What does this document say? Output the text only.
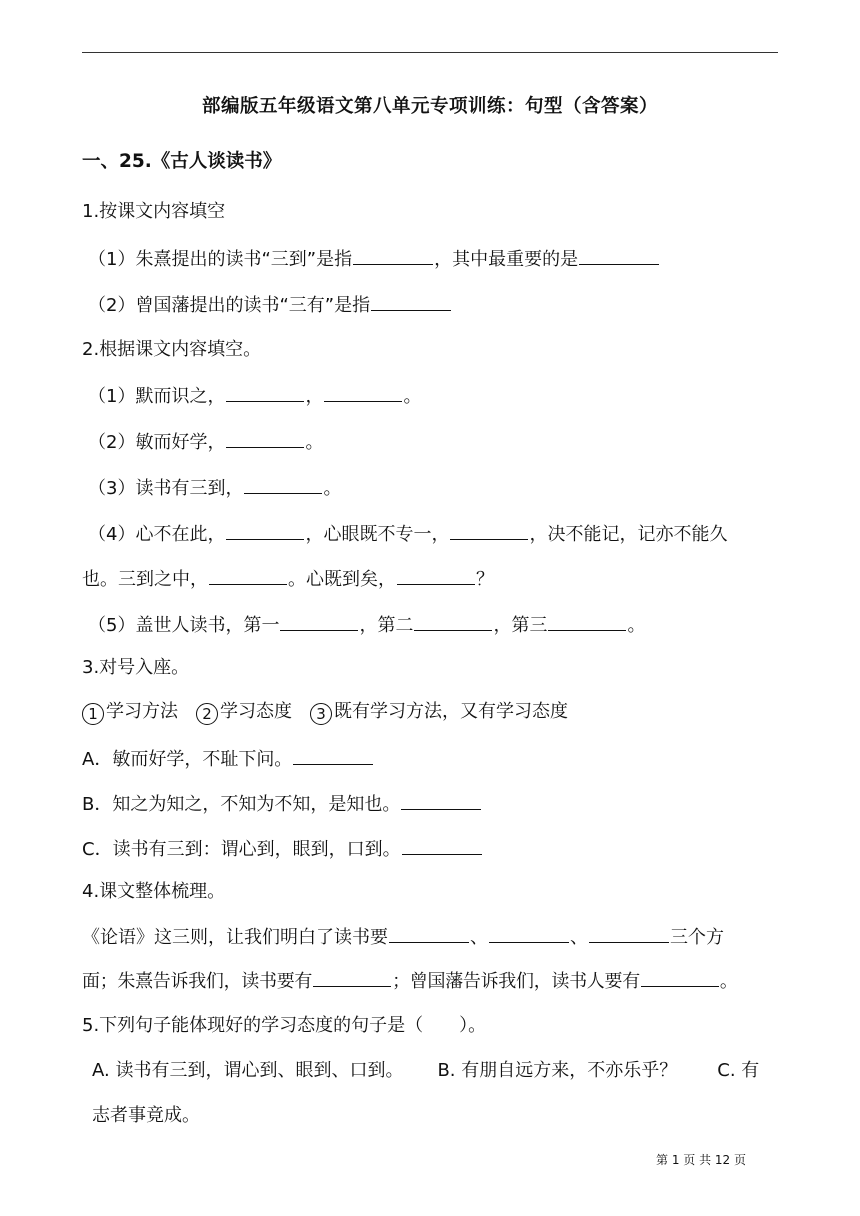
部编版五年级语文第八单元专项训练：句型（含答案）
一、25.《古人谈读书》
1.按课文内容填空
（1）朱熹提出的读书“三到”是指	，其中最重要的是
（2）曾国藩提出的读书“三有”是指
2.根据课文内容填空。
（1）默而识之，	，	。
（2）敏而好学，	。
（3）读书有三到，	。
（4）心不在此，	，心眼既不专一，	，决不能记，记亦不能久
也。三到之中，	。心既到矣，	？
（5）盖世人读书，第一	，第二	，第三	。
3.对号入座。
1 学习方法 2 学习态度 3 既有学习方法，又有学习态度
A．敏而好学，不耻下问。
B．知之为知之，不知为不知，是知也。
C．读书有三到：谓心到，眼到，口到。
4.课文整体梳理。
《论语》这三则，让我们明白了读书要	、	、	三个方
面；朱熹告诉我们，读书要有	；曾国藩告诉我们，读书人要有	。
5.下列句子能体现好的学习态度的句子是（　　）。
A. 读书有三到，谓心到、眼到、口到。 B. 有朋自远方来，不亦乐乎？ C. 有
志者事竟成。
第 1 页 共 12 页
